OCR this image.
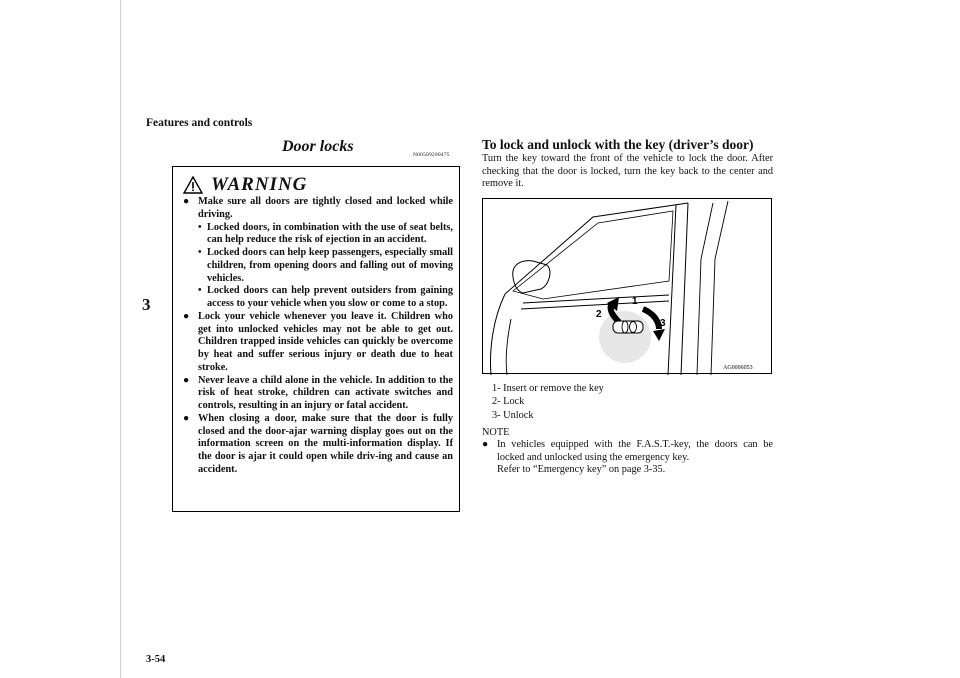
Features and controls
3
3-54
Door locks	N00509200475
WARNING
● Make sure all doors are tightly closed and locked while driving.
• Locked doors, in combination with the use of seat belts, can help reduce the risk of ejection in an accident.
• Locked doors can help keep passengers, especially small children, from opening doors and falling out of moving vehicles.
• Locked doors can help prevent outsiders from gaining access to your vehicle when you slow or come to a stop.
● Lock your vehicle whenever you leave it. Children who get into unlocked vehicles may not be able to get out. Children trapped inside vehicles can quickly be overcome by heat and suffer serious injury or death due to heat stroke.
● Never leave a child alone in the vehicle. In addition to the risk of heat stroke, children can activate switches and controls, resulting in an injury or fatal accident.
● When closing a door, make sure that the door is fully closed and the door-ajar warning display goes out on the information screen on the multi-information display. If the door is ajar it could open while driv-ing and cause an accident.
To lock and unlock with the key (driver’s door)
Turn the key toward the front of the vehicle to lock the door. After checking that the door is locked, turn the key back to the center and remove it.
1
2
3
AG0006053
1- Insert or remove the key
2- Lock
3- Unlock
NOTE
● In vehicles equipped with the F.A.S.T.-key, the doors can be locked and unlocked using the emergency key.
Refer to “Emergency key” on page 3-35.
